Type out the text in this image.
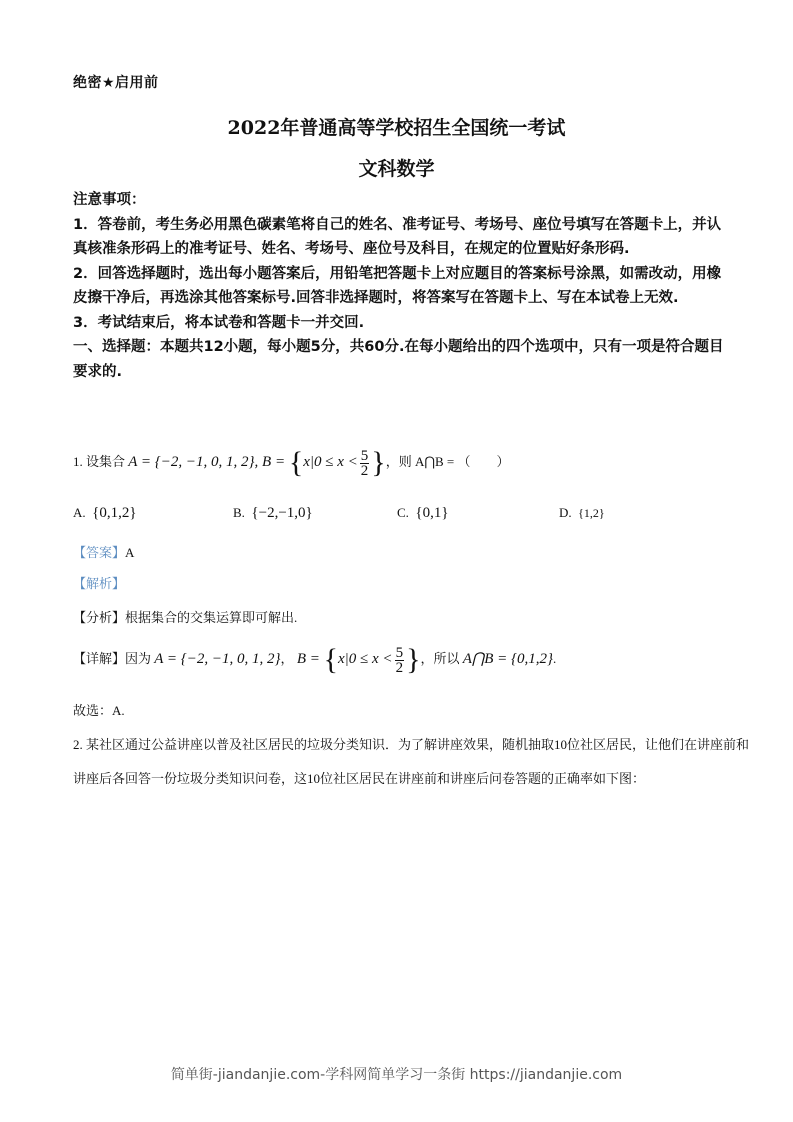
绝密★启用前
2022年普通高等学校招生全国统一考试
文科数学

注意事项：

1．答卷前，考生务必用黑色碳素笔将自己的姓名、准考证号、考场号、座位号填写在答题卡上，并认真核准条形码上的准考证号、姓名、考场号、座位号及科目，在规定的位置贴好条形码.

2．回答选择题时，选出每小题答案后，用铅笔把答题卡上对应题目的答案标号涂黑，如需改动，用橡皮擦干净后，再选涂其他答案标号.回答非选择题时，将答案写在答题卡上、写在本试卷上无效.

3．考试结束后，将本试卷和答题卡一并交回.

一、选择题：本题共12小题，每小题5分，共60分.在每小题给出的四个选项中，只有一项是符合题目要求的.

1. 设集合 A = {−2, −1, 0, 1, 2}, $B = \{x|0 \le x < \frac{5}{2}$ }，则 A⋂B = （　　）
A. {0,1,2}	B. {−2,−1,0}	C. {0,1}	D. {1,2}
【答案】A
【解析】
【分析】根据集合的交集运算即可解出.
【详解】因为 A = {−2, −1, 0, 1, 2}， $B = \{x|0 \le x < \frac{5}{2}$ }，所以 A⋂B = {0,1,2}.
故选：A.
2. 某社区通过公益讲座以普及社区居民的垃圾分类知识．为了解讲座效果，随机抽取10位社区居民，让他们在讲座前和讲座后各回答一份垃圾分类知识问卷，这10位社区居民在讲座前和讲座后问卷答题的正确率如下图：
简单街-jiandanjie.com-学科网简单学习一条街 https://jiandanjie.com
